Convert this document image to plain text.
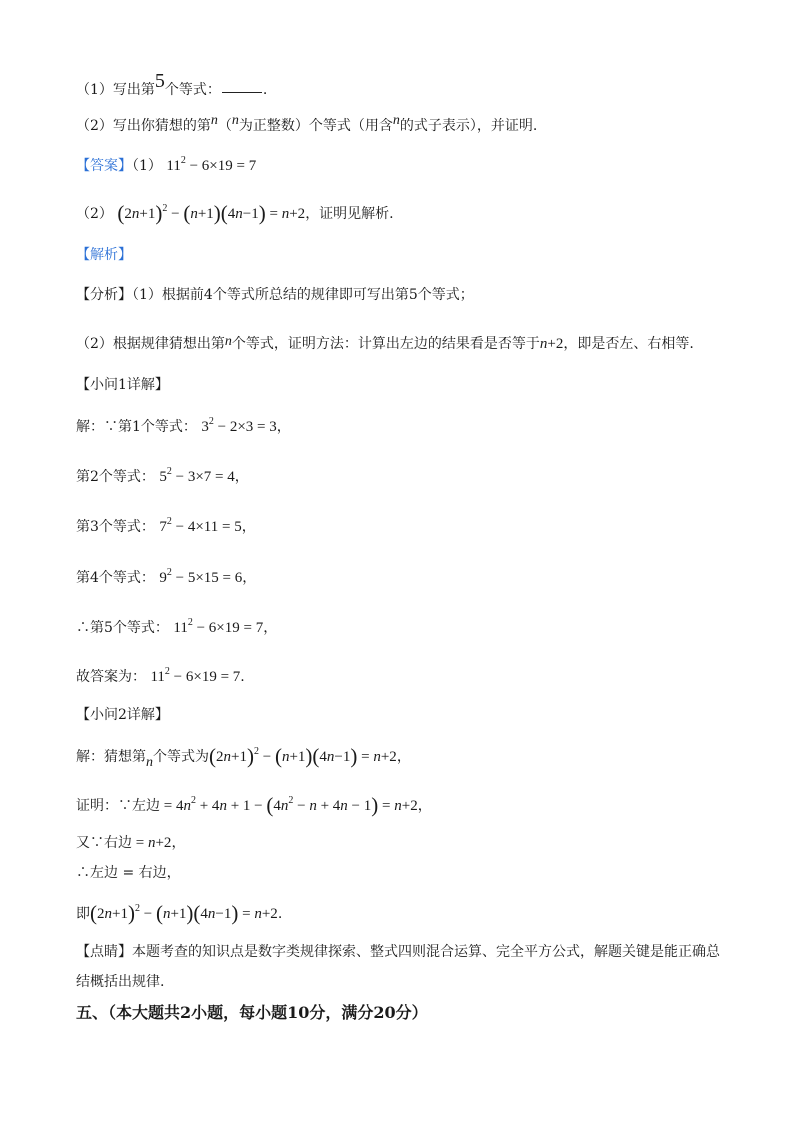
（1）写出第5个等式：	.
（2）写出你猜想的第n（n为正整数）个等式（用含n的式子表示），并证明.
【答案】（1） $11^2 - 6\times 19 = 7$
（2） $(2n+1)^2 - (n+1)(4n-1) = n+2$，证明见解析.
【解析】
【分析】（1）根据前4个等式所总结的规律即可写出第5个等式；
（2）根据规律猜想出第n个等式，证明方法：计算出左边的结果看是否等于n+2，即是否左、右相等.
【小问1详解】
解：∵第1个等式： $3^2 - 2\times 3 = 3$，
第2个等式： $5^2 - 3\times 7 = 4$，
第3个等式： $7^2 - 4\times 11 = 5$，
第4个等式： $9^2 - 5\times 15 = 6$，
∴第5个等式： $11^2 - 6\times 19 = 7$，
故答案为： $11^2 - 6\times 19 = 7$.
【小问2详解】
解：猜想第n个等式为$(2n+1)^2 - (n+1)(4n-1) = n+2$，
证明：∵左边 = $4n^2 + 4n + 1 - (4n^2 - n + 4n - 1) = n+2$，
又∵右边 = n+2，
∴左边 = 右边，
即$(2n+1)^2 - (n+1)(4n-1) = n+2$.
【点睛】本题考查的知识点是数字类规律探索、整式四则混合运算、完全平方公式，解题关键是能正确总
结概括出规律.
五、（本大题共2小题，每小题10分，满分20分）
